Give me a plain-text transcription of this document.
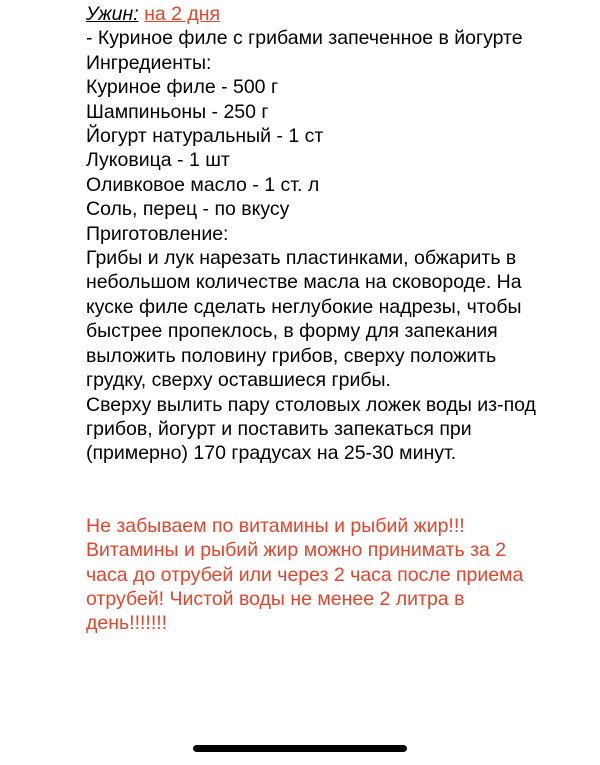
Ужин: на 2 дня
- Куриное филе с грибами запеченное в йогурте
Ингредиенты:
Куриное филе - 500 г
Шампиньоны - 250 г
Йогурт натуральный - 1 ст
Луковица - 1 шт
Оливковое масло - 1 ст. л
Соль, перец - по вкусу
Приготовление:
Грибы и лук нарезать пластинками, обжарить в
небольшом количестве масла на сковороде. На
куске филе сделать неглубокие надрезы, чтобы
быстрее пропеклось, в форму для запекания
выложить половину грибов, сверху положить
грудку, сверху оставшиеся грибы.
Сверху вылить пару столовых ложек воды из-под
грибов, йогурт и поставить запекаться при
(примерно) 170 градусах на 25-30 минут.
Не забываем по витамины и рыбий жир!!!
Витамины и рыбий жир можно принимать за 2
часа до отрубей или через 2 часа после приема
отрубей! Чистой воды не менее 2 литра в
день!!!!!!!
